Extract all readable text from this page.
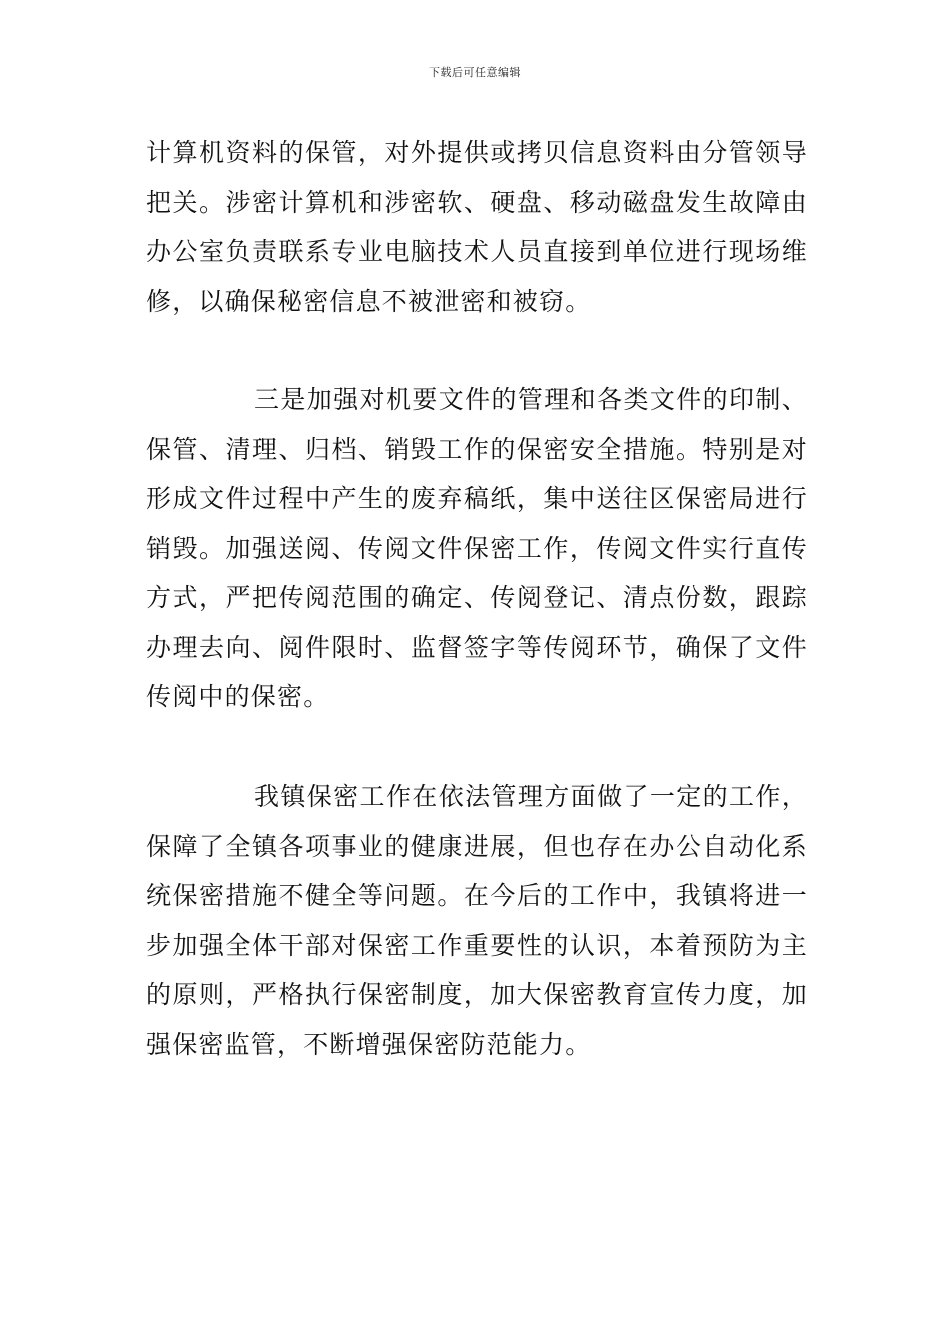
下载后可任意编辑

计算机资料的保管，对外提供或拷贝信息资料由分管领导把关。涉密计算机和涉密软、硬盘、移动磁盘发生故障由办公室负责联系专业电脑技术人员直接到单位进行现场维修，以确保秘密信息不被泄密和被窃。

三是加强对机要文件的管理和各类文件的印制、保管、清理、归档、销毁工作的保密安全措施。特别是对形成文件过程中产生的废弃稿纸，集中送往区保密局进行销毁。加强送阅、传阅文件保密工作，传阅文件实行直传方式，严把传阅范围的确定、传阅登记、清点份数，跟踪办理去向、阅件限时、监督签字等传阅环节，确保了文件传阅中的保密。

我镇保密工作在依法管理方面做了一定的工作，保障了全镇各项事业的健康进展，但也存在办公自动化系统保密措施不健全等问题。在今后的工作中，我镇将进一步加强全体干部对保密工作重要性的认识，本着预防为主的原则，严格执行保密制度，加大保密教育宣传力度，加强保密监管，不断增强保密防范能力。
